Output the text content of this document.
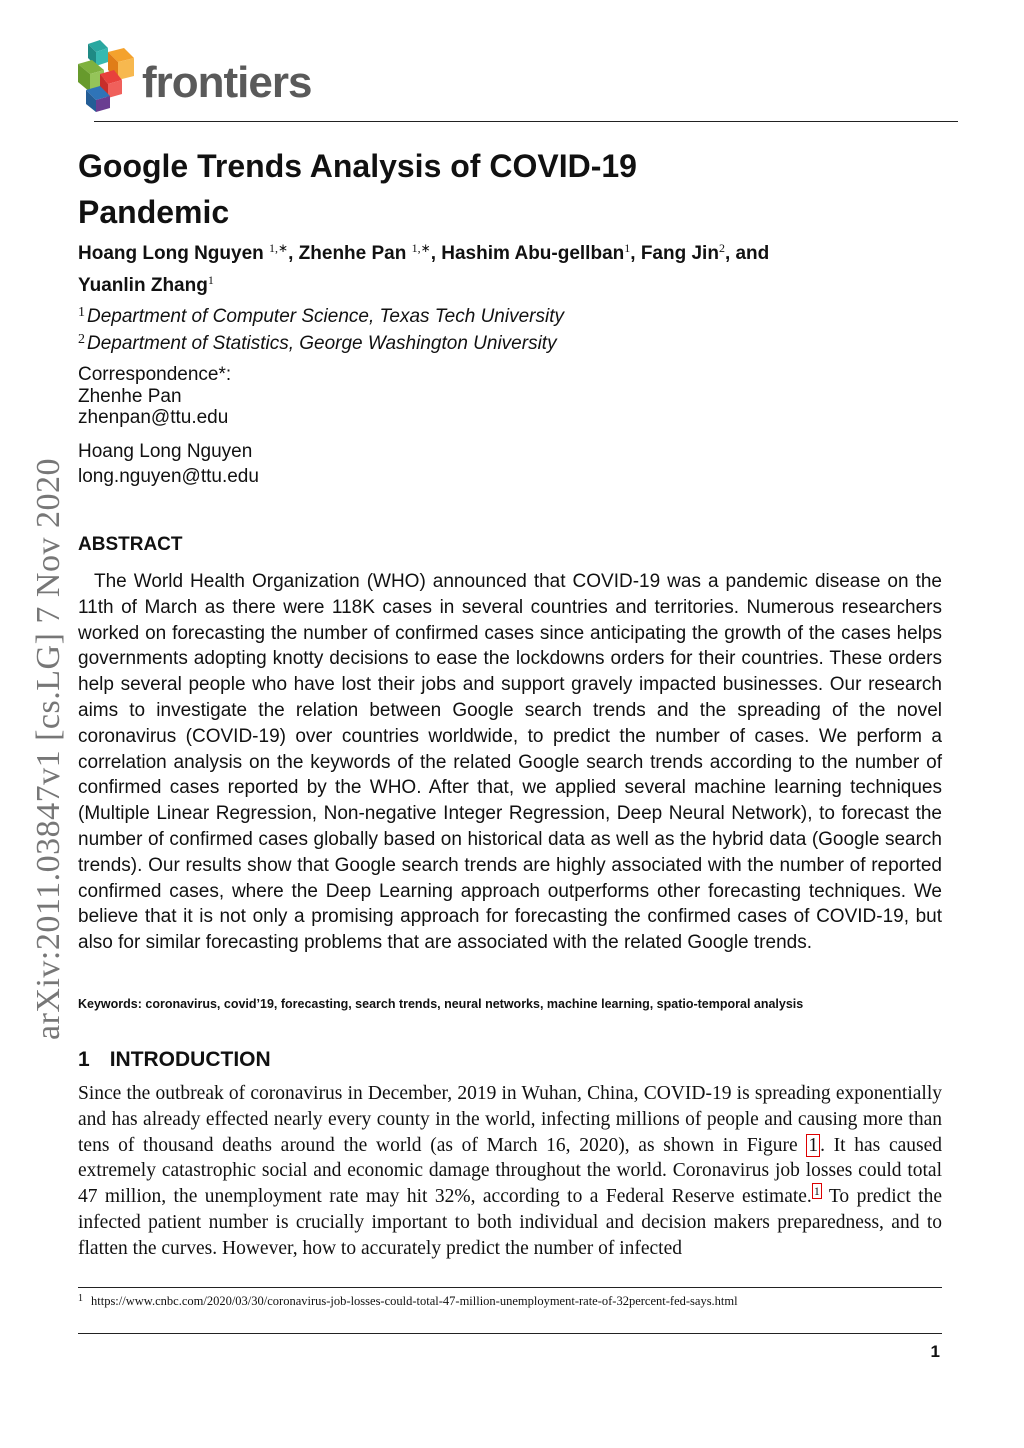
frontiers
arXiv:2011.03847v1 [cs.LG] 7 Nov 2020
Google Trends Analysis of COVID-19 Pandemic
Hoang Long Nguyen $^{1,∗}$, Zhenhe Pan $^{1,∗}$, Hashim Abu-gellban$^1$, Fang Jin$^2$, and
Yuanlin Zhang$^1$
$^1$ Department of Computer Science, Texas Tech University
$^2$ Department of Statistics, George Washington University
Correspondence*:
Zhenhe Pan
zhenpan@ttu.edu
Hoang Long Nguyen
long.nguyen@ttu.edu
ABSTRACT

The World Health Organization (WHO) announced that COVID-19 was a pandemic disease on the 11th of March as there were 118K cases in several countries and territories. Numerous researchers worked on forecasting the number of confirmed cases since anticipating the growth of the cases helps governments adopting knotty decisions to ease the lockdowns orders for their countries. These orders help several people who have lost their jobs and support gravely impacted businesses. Our research aims to investigate the relation between Google search trends and the spreading of the novel coronavirus (COVID-19) over countries worldwide, to predict the number of cases. We perform a correlation analysis on the keywords of the related Google search trends according to the number of confirmed cases reported by the WHO. After that, we applied several machine learning techniques (Multiple Linear Regression, Non-negative Integer Regression, Deep Neural Network), to forecast the number of confirmed cases globally based on historical data as well as the hybrid data (Google search trends). Our results show that Google search trends are highly associated with the number of reported confirmed cases, where the Deep Learning approach outperforms other forecasting techniques. We believe that it is not only a promising approach for forecasting the confirmed cases of COVID-19, but also for similar forecasting problems that are associated with the related Google trends.

Keywords: coronavirus, covid’19, forecasting, search trends, neural networks, machine learning, spatio-temporal analysis
1 INTRODUCTION

Since the outbreak of coronavirus in December, 2019 in Wuhan, China, COVID-19 is spreading exponentially and has already effected nearly every county in the world, infecting millions of people and causing more than tens of thousand deaths around the world (as of March 16, 2020), as shown in Figure 1 . It has caused extremely catastrophic social and economic damage throughout the world. Coronavirus job losses could total 47 million, the unemployment rate may hit 32%, according to a Federal Reserve estimate. $^1$ To predict the infected patient number is crucially important to both individual and decision makers preparedness, and to flatten the curves. However, how to accurately predict the number of infected

$^1$ https://www.cnbc.com/2020/03/30/coronavirus-job-losses-could-total-47-million-unemployment-rate-of-32percent-fed-says.html
1
